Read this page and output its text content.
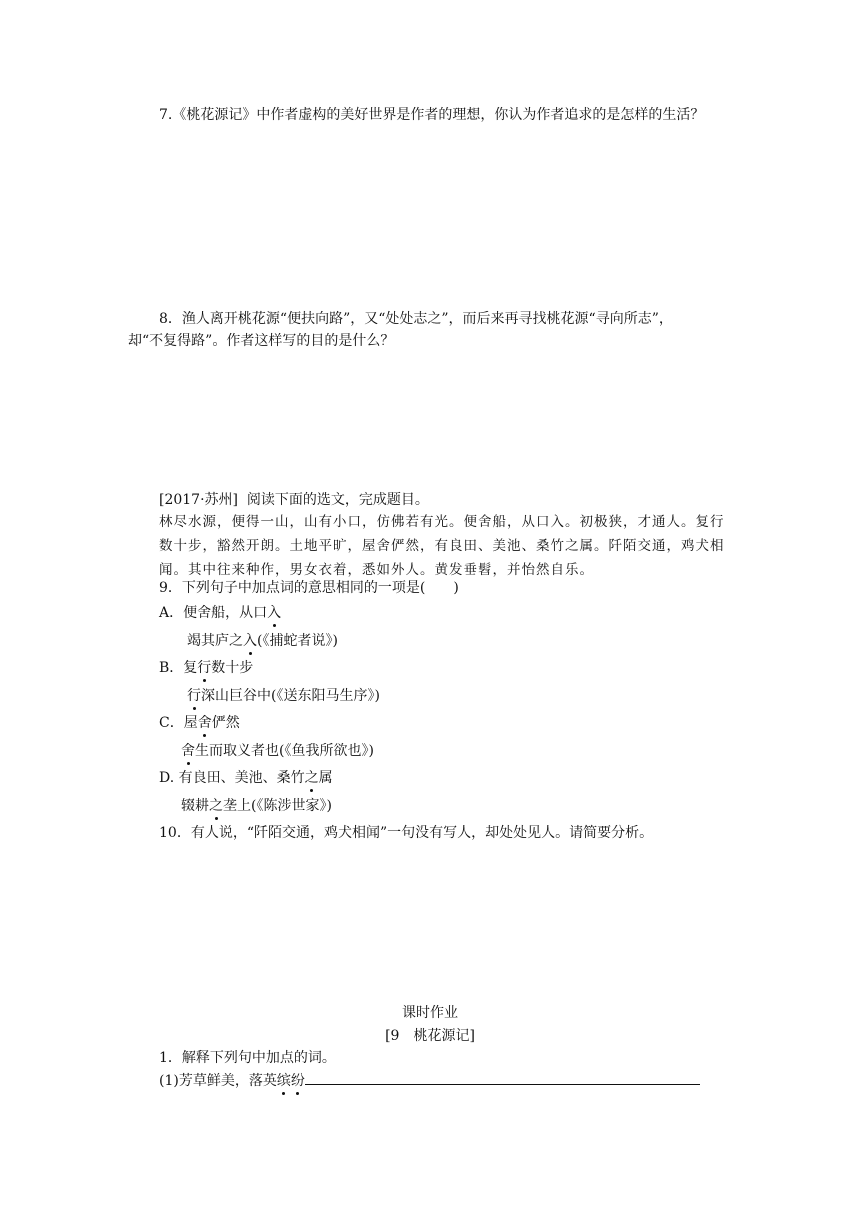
7.《桃花源记》中作者虚构的美好世界是作者的理想，你认为作者追求的是怎样的生活？
8．渔人离开桃花源“便扶向路”，又“处处志之”，而后来再寻找桃花源“寻向所志”，
却“不复得路”。作者这样写的目的是什么？
[2017·苏州] 阅读下面的选文，完成题目。
林尽水源，便得一山，山有小口，仿佛若有光。便舍船，从口入。初极狭，才通人。复行数十步，豁然开朗。土地平旷，屋舍俨然，有良田、美池、桑竹之属。阡陌交通，鸡犬相闻。其中往来种作，男女衣着，悉如外人。黄发垂髫，并怡然自乐。
9．下列句子中加点词的意思相同的一项是(　　)
A．便舍船，从口入
竭其庐之入(《捕蛇者说》)
B．复行数十步
行深山巨谷中(《送东阳马生序》)
C．屋舍俨然
舍生而取义者也(《鱼我所欲也》)
D. 有良田、美池、桑竹之属
辍耕之垄上(《陈涉世家》)
10．有人说，“阡陌交通，鸡犬相闻”一句没有写人，却处处见人。请简要分析。
课时作业
[9　桃花源记]
1．解释下列句中加点的词。
(1)芳草鲜美，落英缤纷
